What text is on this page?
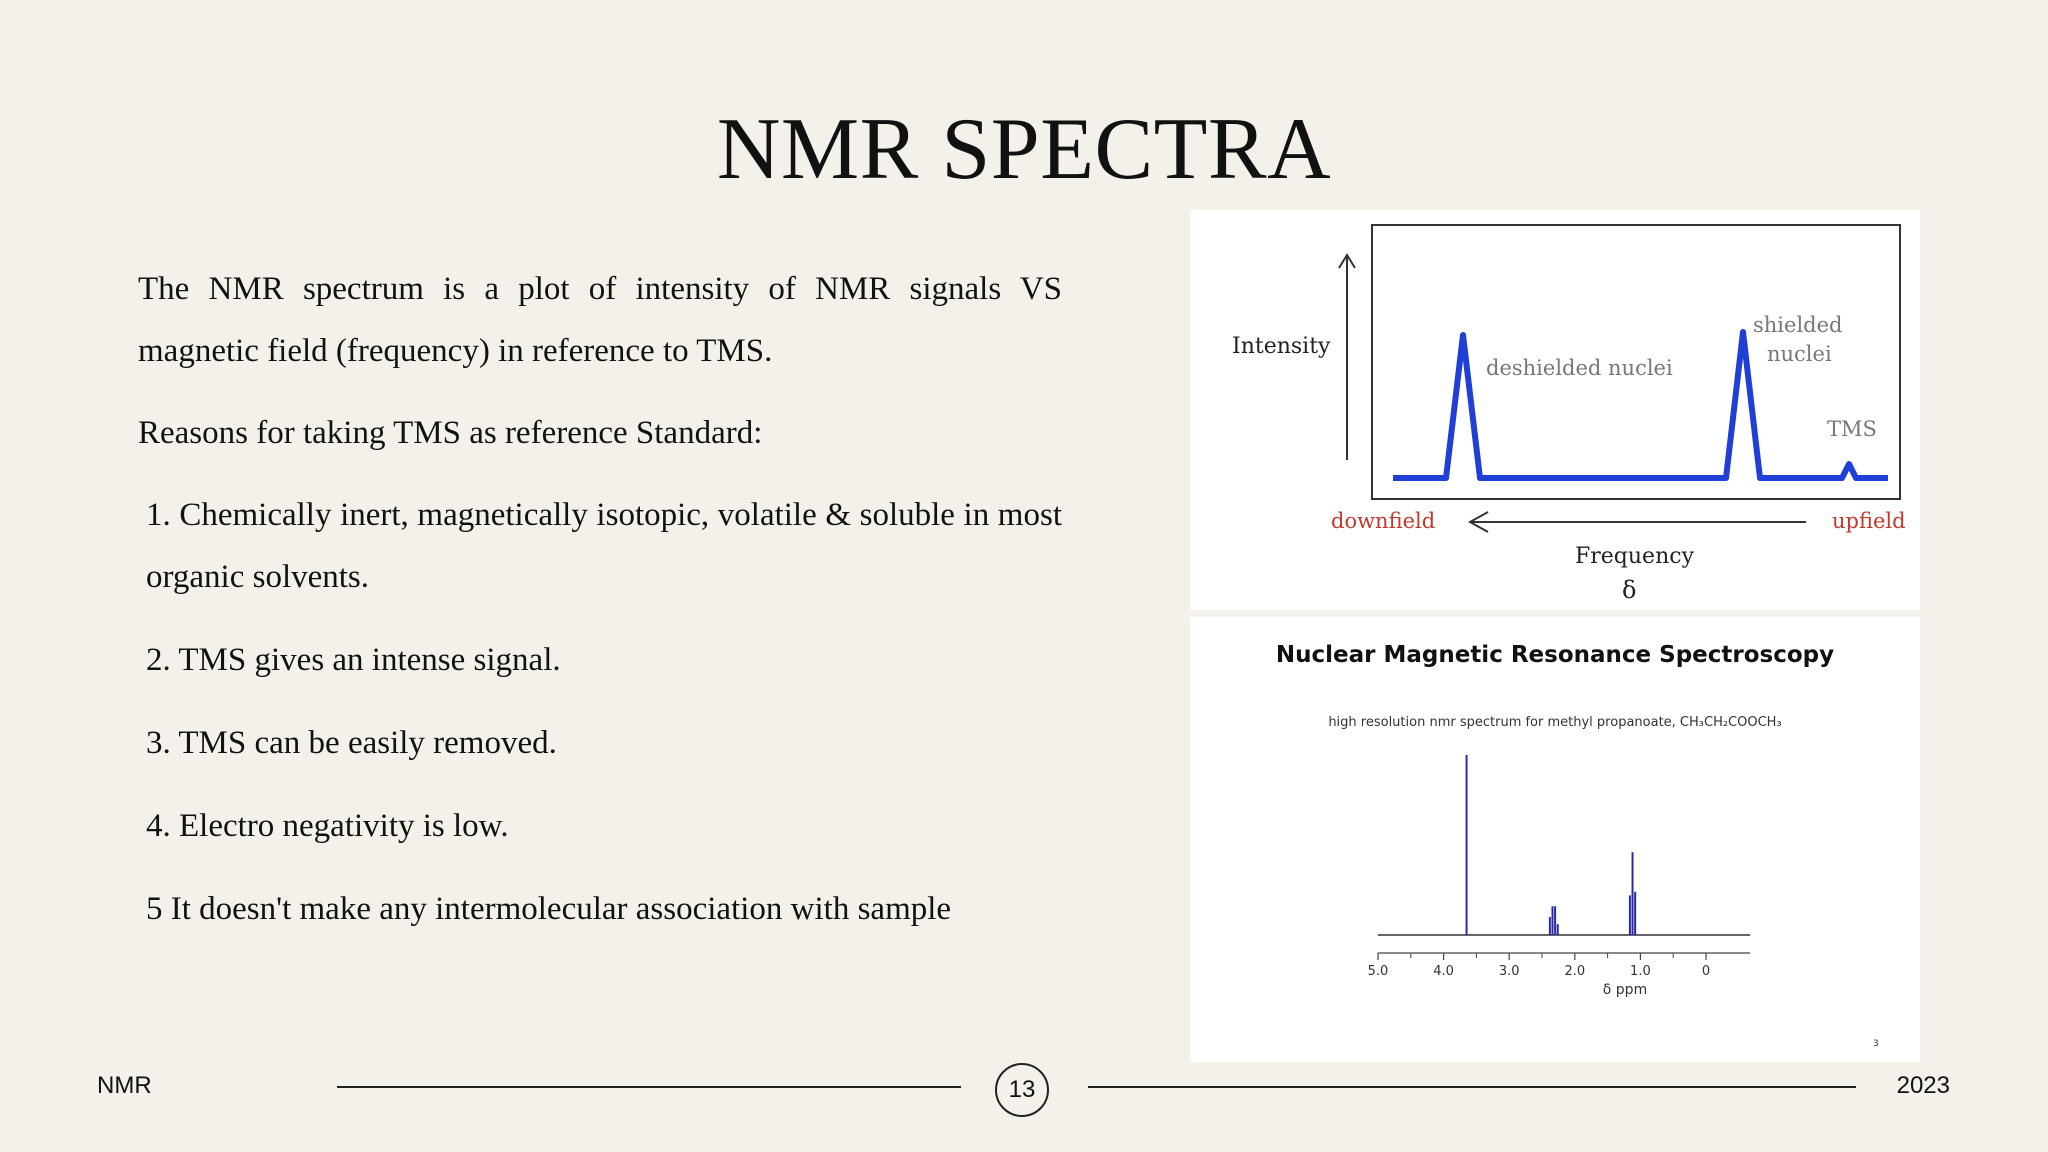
NMR SPECTRA

The NMR spectrum is a plot of intensity of NMR signals VS magnetic field (frequency) in reference to TMS.

Reasons for taking TMS as reference Standard:

1. Chemically inert, magnetically isotopic, volatile & soluble in most organic solvents.

2. TMS gives an intense signal.

3. TMS can be easily removed.

4. Electro negativity is low.

5 It doesn't make any intermolecular association with sample

Intensity
deshielded nuclei
shielded
nuclei
TMS
downfield	upfield
Frequency
δ
Nuclear Magnetic Resonance Spectroscopy
high resolution nmr spectrum for methyl propanoate, CH₃CH₂COOCH₃
5.0	4.0	3.0	2.0	1.0	0
δ ppm
3
NMR	13	2023
